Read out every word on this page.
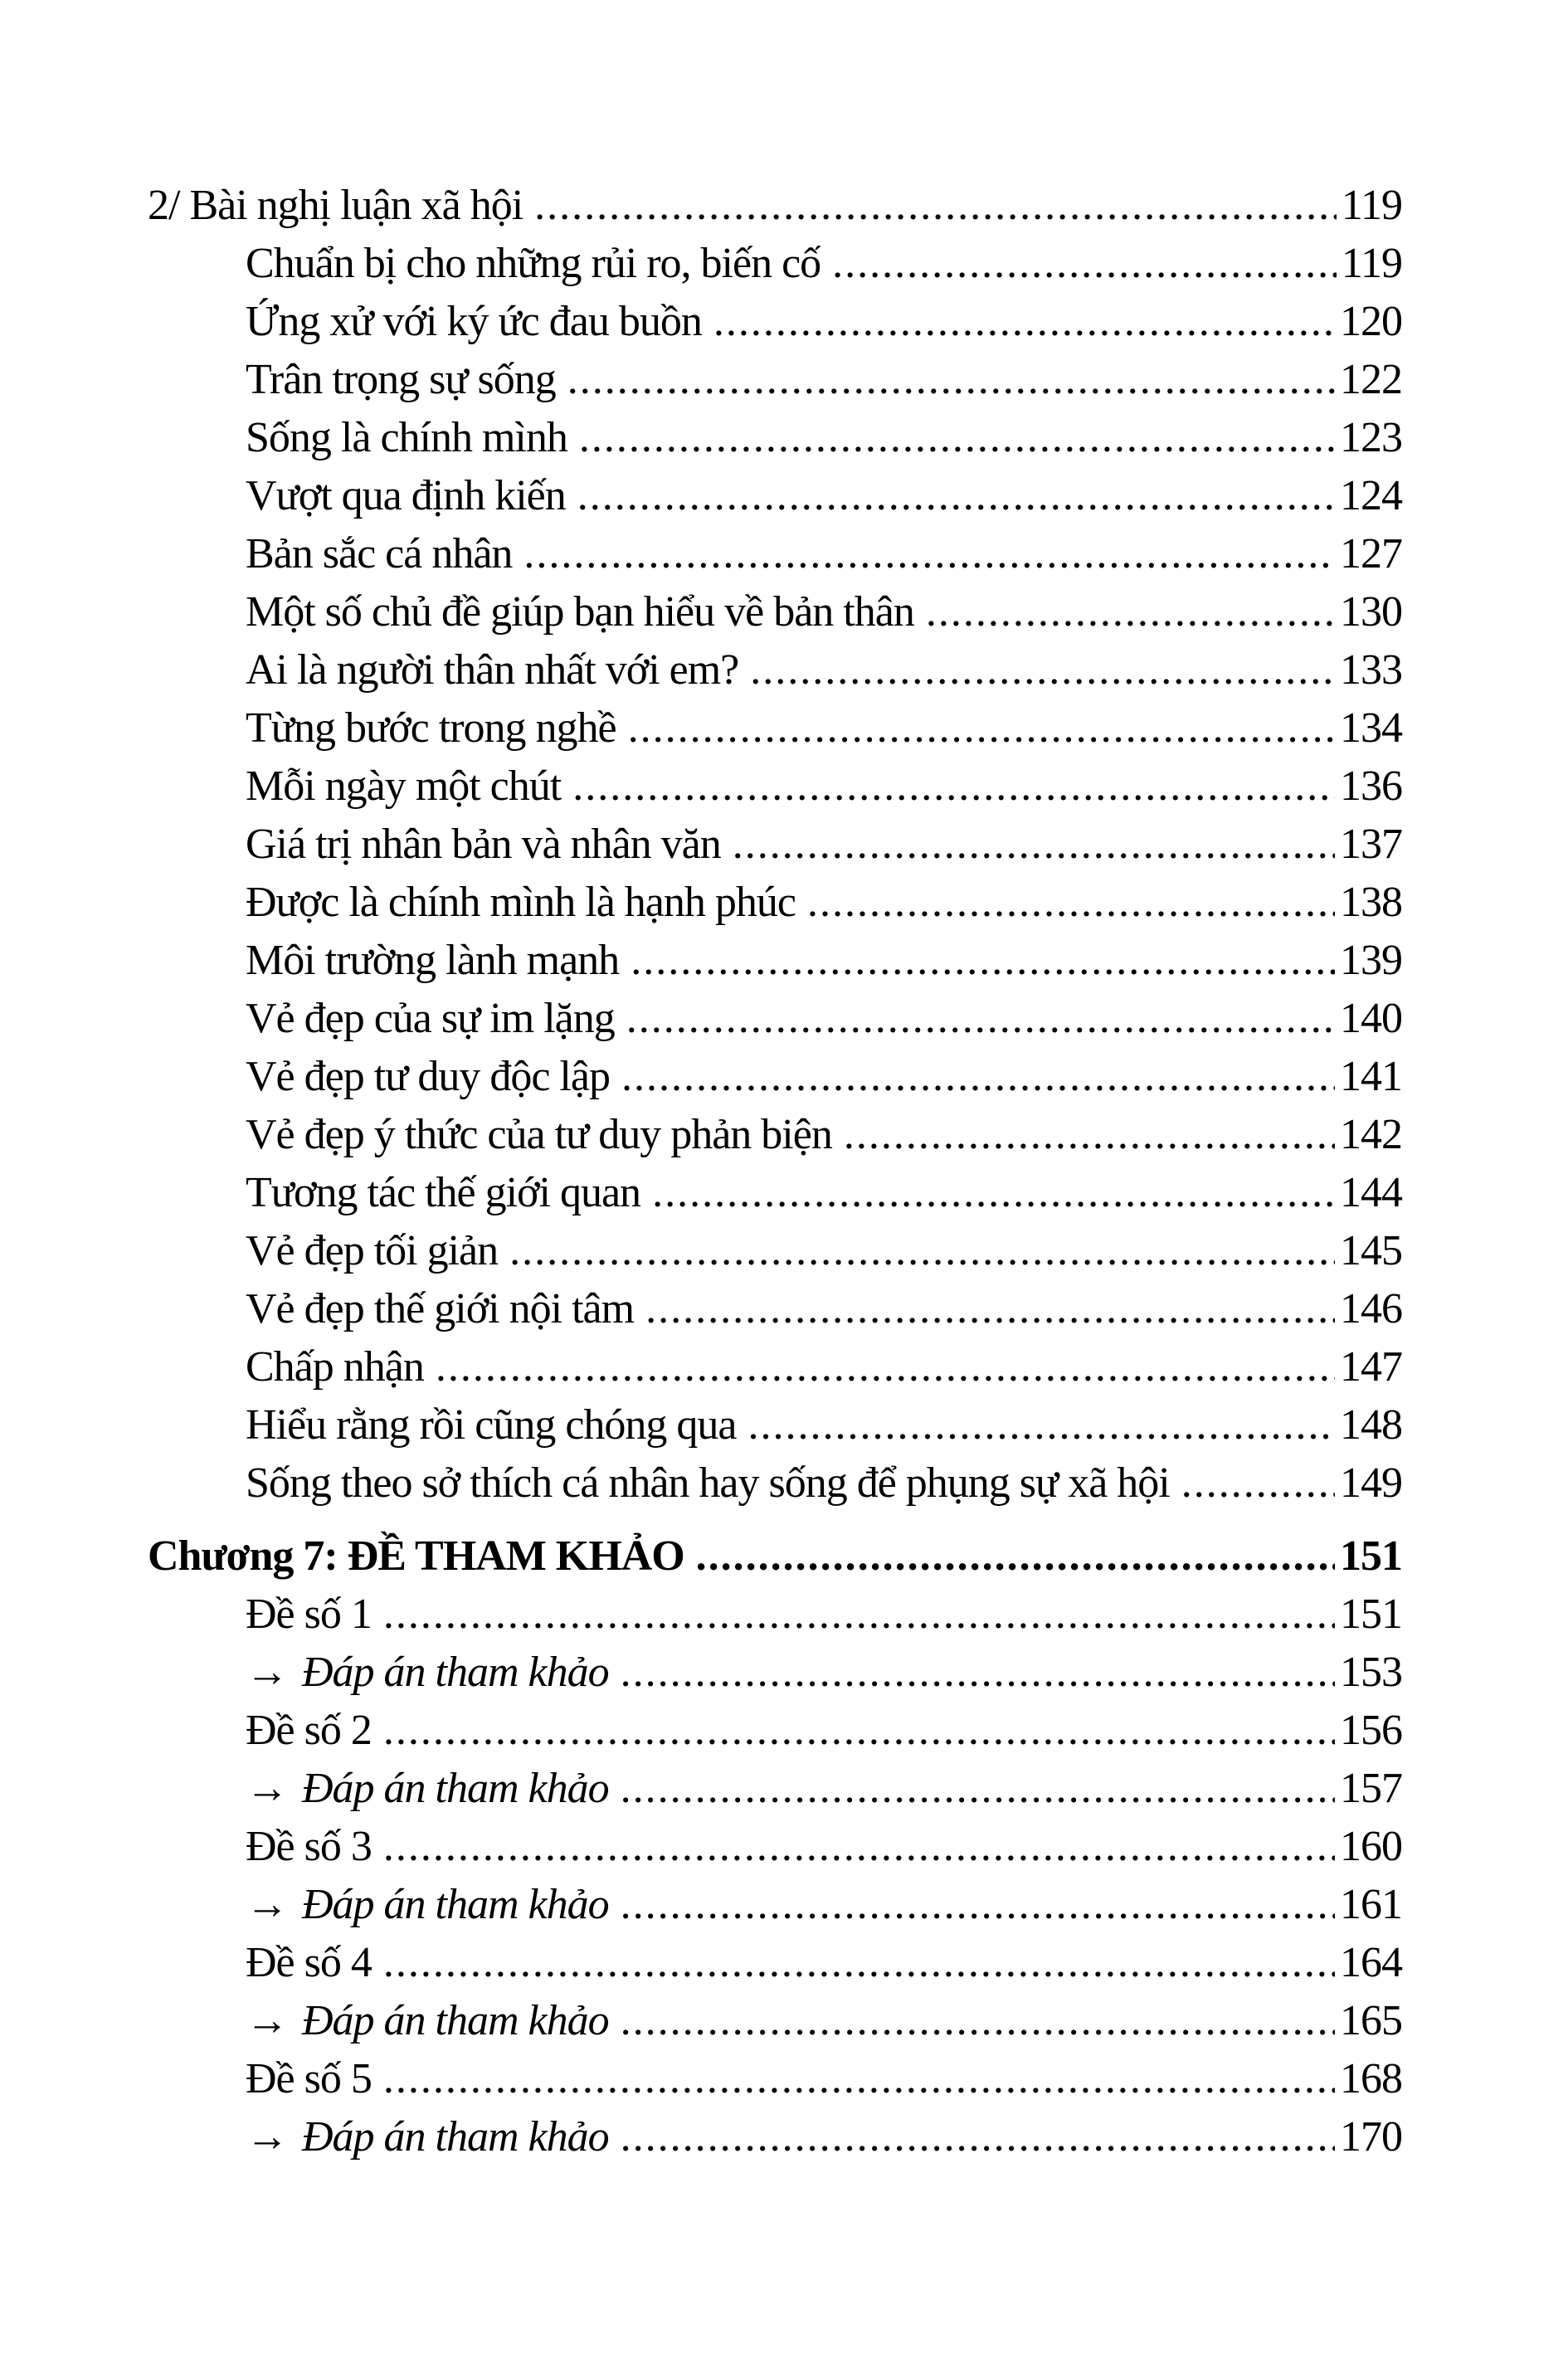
2/ Bài nghị luận xã hội .....	119
Chuẩn bị cho những rủi ro, biến cố .....	119
Ứng xử với ký ức đau buồn .....	120
Trân trọng sự sống .....	122
Sống là chính mình .....	123
Vượt qua định kiến .....	124
Bản sắc cá nhân .....	127
Một số chủ đề giúp bạn hiểu về bản thân .....	130
Ai là người thân nhất với em? .....	133
Từng bước trong nghề .....	134
Mỗi ngày một chút .....	136
Giá trị nhân bản và nhân văn .....	137
Được là chính mình là hạnh phúc .....	138
Môi trường lành mạnh .....	139
Vẻ đẹp của sự im lặng .....	140
Vẻ đẹp tư duy độc lập .....	141
Vẻ đẹp ý thức của tư duy phản biện .....	142
Tương tác thế giới quan .....	144
Vẻ đẹp tối giản .....	145
Vẻ đẹp thế giới nội tâm .....	146
Chấp nhận .....	147
Hiểu rằng rồi cũng chóng qua .....	148
Sống theo sở thích cá nhân hay sống để phụng sự xã hội .....	149
Chương 7: ĐỀ THAM KHẢO .....	151
Đề số 1 .....	151
→ Đáp án tham khảo .....	153
Đề số 2 .....	156
→ Đáp án tham khảo .....	157
Đề số 3 .....	160
→ Đáp án tham khảo .....	161
Đề số 4 .....	164
→ Đáp án tham khảo .....	165
Đề số 5 .....	168
→ Đáp án tham khảo .....	170
